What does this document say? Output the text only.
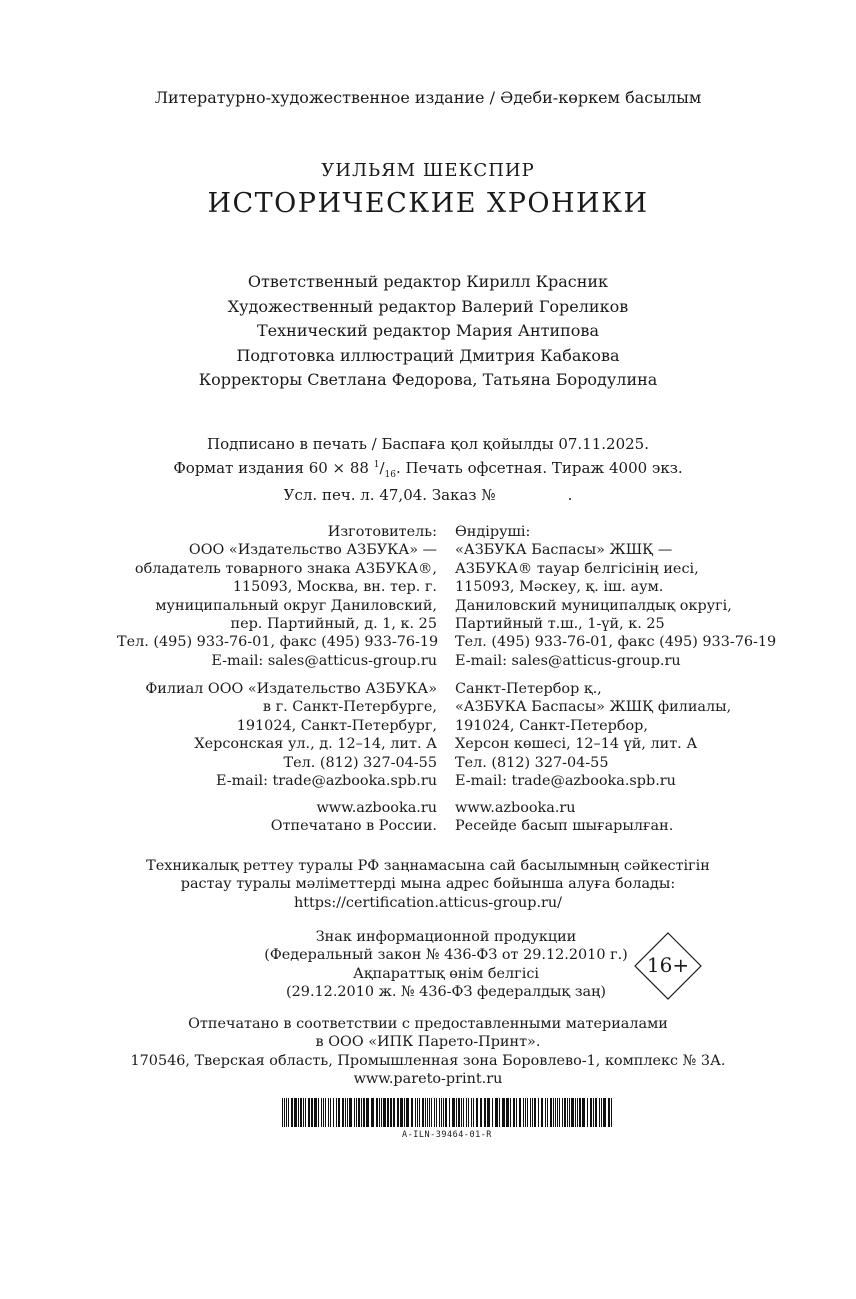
Литературно-художественное издание / Әдеби-көркем басылым
УИЛЬЯМ ШЕКСПИР
ИСТОРИЧЕСКИЕ ХРОНИКИ
Ответственный редактор Кирилл Красник
Художественный редактор Валерий Гореликов
Технический редактор Мария Антипова
Подготовка иллюстраций Дмитрия Кабакова
Корректоры Светлана Федорова, Татьяна Бородулина
Подписано в печать / Баспаға қол қойылды 07.11.2025.
Формат издания 60 × 88 $^1/_{16}$. Печать офсетная. Тираж 4000 экз.
Усл. печ. л. 47,04. Заказ №	.
Изготовитель:
ООО «Издательство АЗБУКА» —
обладатель товарного знака АЗБУКА®,
115093, Москва, вн. тер. г.
муниципальный округ Даниловский,
пер. Партийный, д. 1, к. 25
Тел. (495) 933-76-01, факс (495) 933-76-19
E-mail: sales@atticus-group.ru
Өндіруші:
«АЗБУКА Баспасы» ЖШҚ —
АЗБУКА® тауар белгісінің иесі,
115093, Мәскеу, қ. іш. аум.
Даниловский муниципалдық округі,
Партийный т.ш., 1-үй, к. 25
Тел. (495) 933-76-01, факс (495) 933-76-19
E-mail: sales@atticus-group.ru
Филиал ООО «Издательство АЗБУКА»
в г. Санкт-Петербурге,
191024, Санкт-Петербург,
Херсонская ул., д. 12–14, лит. А
Тел. (812) 327-04-55
E-mail: trade@azbooka.spb.ru
Санкт-Петербор қ.,
«АЗБУКА Баспасы» ЖШҚ филиалы,
191024, Санкт-Петербор,
Херсон көшесі, 12–14 үй, лит. А
Тел. (812) 327-04-55
E-mail: trade@azbooka.spb.ru
www.azbooka.ru
Отпечатано в России.
www.azbooka.ru
Ресейде басып шығарылған.
Техникалық реттеу туралы РФ заңнамасына сай басылымның сәйкестігін
растау туралы мәліметтерді мына адрес бойынша алуға болады:
https://certification.atticus-group.ru/
Знак информационной продукции
(Федеральный закон № 436-ФЗ от 29.12.2010 г.)
Ақпараттық өнім белгісі
(29.12.2010 ж. № 436-ФЗ федералдық заң)
16+
Отпечатано в соответствии с предоставленными материалами
в ООО «ИПК Парето-Принт».
170546, Тверская область, Промышленная зона Боровлево-1, комплекс № 3А.
www.pareto-print.ru
A-ILN-39464-01-R
